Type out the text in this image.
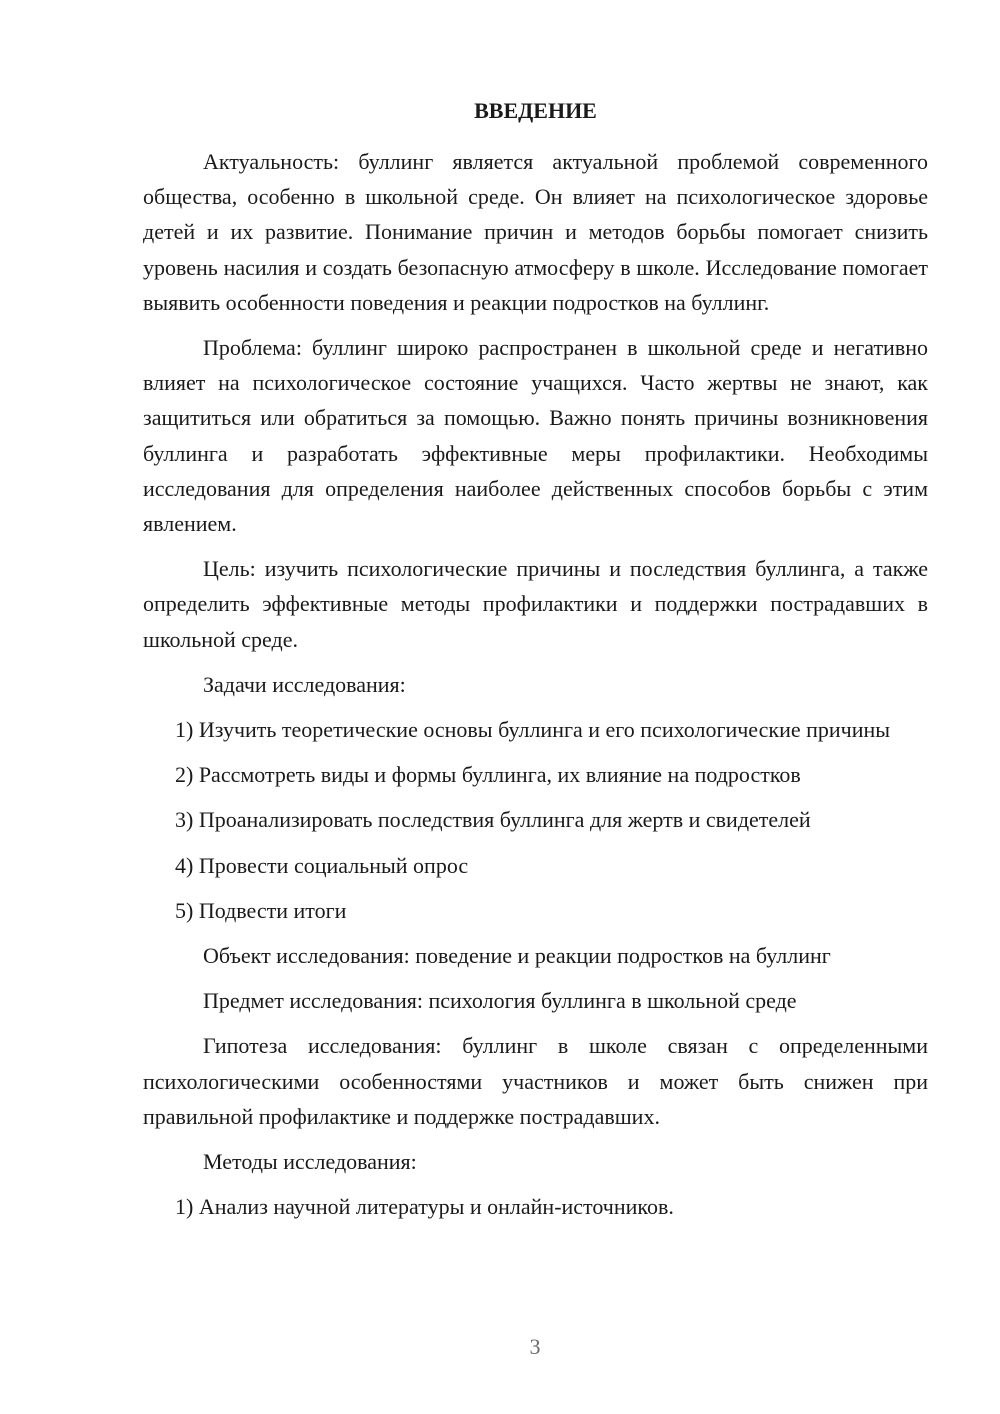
ВВЕДЕНИЕ

Актуальность: буллинг является актуальной проблемой современного общества, особенно в школьной среде. Он влияет на психологическое здоровье детей и их развитие. Понимание причин и методов борьбы помогает снизить уровень насилия и создать безопасную атмосферу в школе. Исследование помогает выявить особенности поведения и реакции подростков на буллинг.

Проблема: буллинг широко распространен в школьной среде и негативно влияет на психологическое состояние учащихся. Часто жертвы не знают, как защититься или обратиться за помощью. Важно понять причины возникновения буллинга и разработать эффективные меры профилактики. Необходимы исследования для определения наиболее действенных способов борьбы с этим явлением.

Цель: изучить психологические причины и последствия буллинга, а также определить эффективные методы профилактики и поддержки пострадавших в школьной среде.

Задачи исследования:

1) Изучить теоретические основы буллинга и его психологические причины

2) Рассмотреть виды и формы буллинга, их влияние на подростков

3) Проанализировать последствия буллинга для жертв и свидетелей

4) Провести социальный опрос

5) Подвести итоги

Объект исследования: поведение и реакции подростков на буллинг

Предмет исследования: психология буллинга в школьной среде

Гипотеза исследования: буллинг в школе связан с определенными психологическими особенностями участников и может быть снижен при правильной профилактике и поддержке пострадавших.

Методы исследования:

1) Анализ научной литературы и онлайн-источников.

3
